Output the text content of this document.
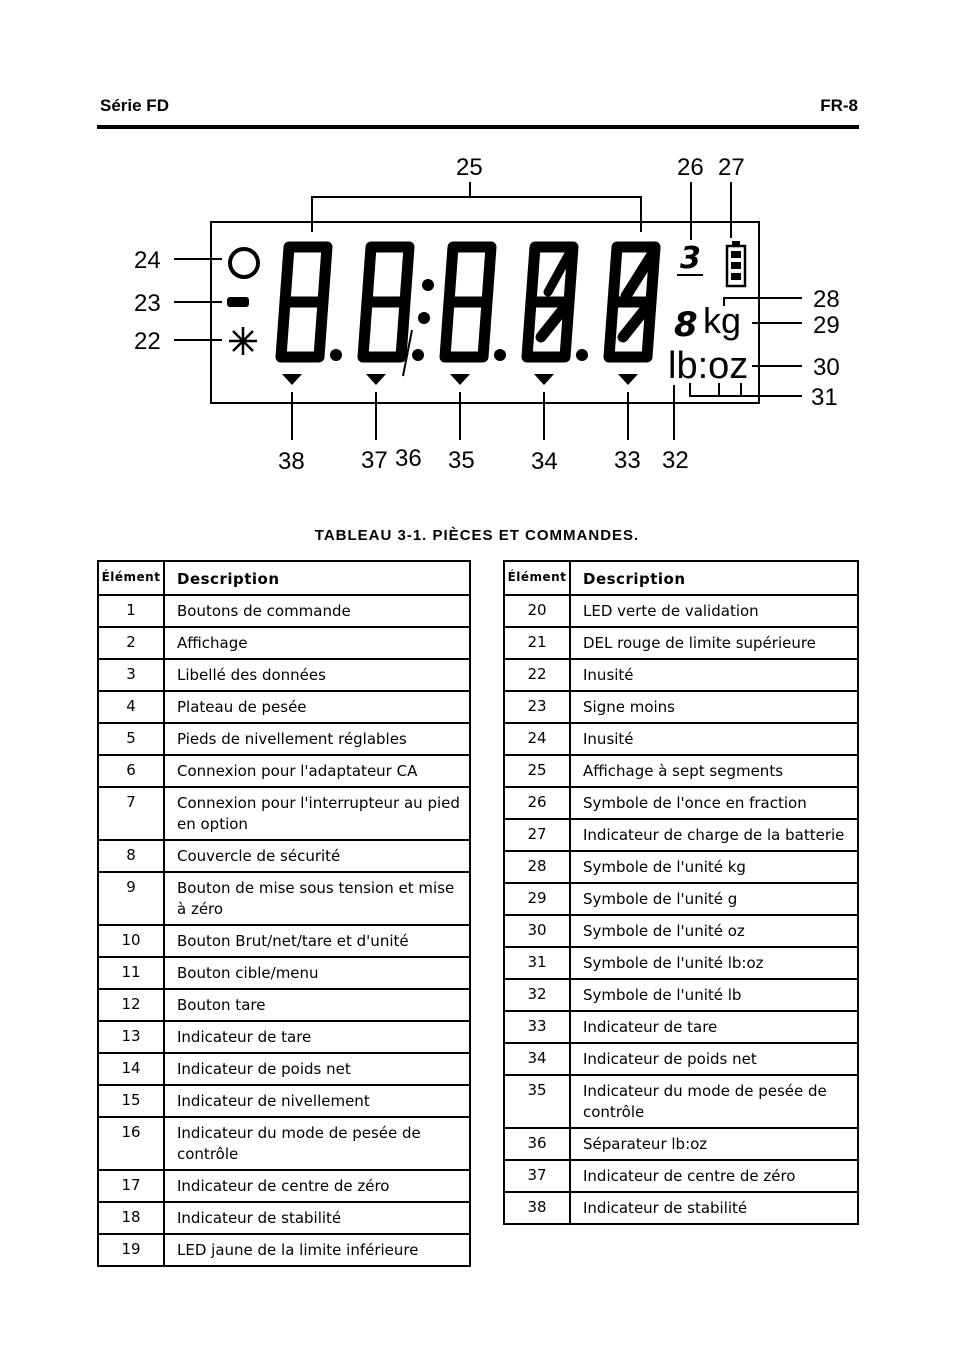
Série FD	FR-8
3
8 kg
lb:oz
25	26 27
24
23
22
28
29
30
31
38 37 36 35 34 33 32
TABLEAU 3-1. PIÈCES ET COMMANDES.
Élément	Description
1	Boutons de commande
2	Affichage
3	Libellé des données
4	Plateau de pesée
5	Pieds de nivellement réglables
6	Connexion pour l'adaptateur CA
7	Connexion pour l'interrupteur au pied en option
8	Couvercle de sécurité
9	Bouton de mise sous tension et mise à zéro
10	Bouton Brut/net/tare et d'unité
11	Bouton cible/menu
12	Bouton tare
13	Indicateur de tare
14	Indicateur de poids net
15	Indicateur de nivellement
16	Indicateur du mode de pesée de contrôle
17	Indicateur de centre de zéro
18	Indicateur de stabilité
19	LED jaune de la limite inférieure
Élément	Description
20	LED verte de validation
21	DEL rouge de limite supérieure
22	Inusité
23	Signe moins
24	Inusité
25	Affichage à sept segments
26	Symbole de l'once en fraction
27	Indicateur de charge de la batterie
28	Symbole de l'unité kg
29	Symbole de l'unité g
30	Symbole de l'unité oz
31	Symbole de l'unité lb:oz
32	Symbole de l'unité lb
33	Indicateur de tare
34	Indicateur de poids net
35	Indicateur du mode de pesée de contrôle
36	Séparateur lb:oz
37	Indicateur de centre de zéro
38	Indicateur de stabilité
